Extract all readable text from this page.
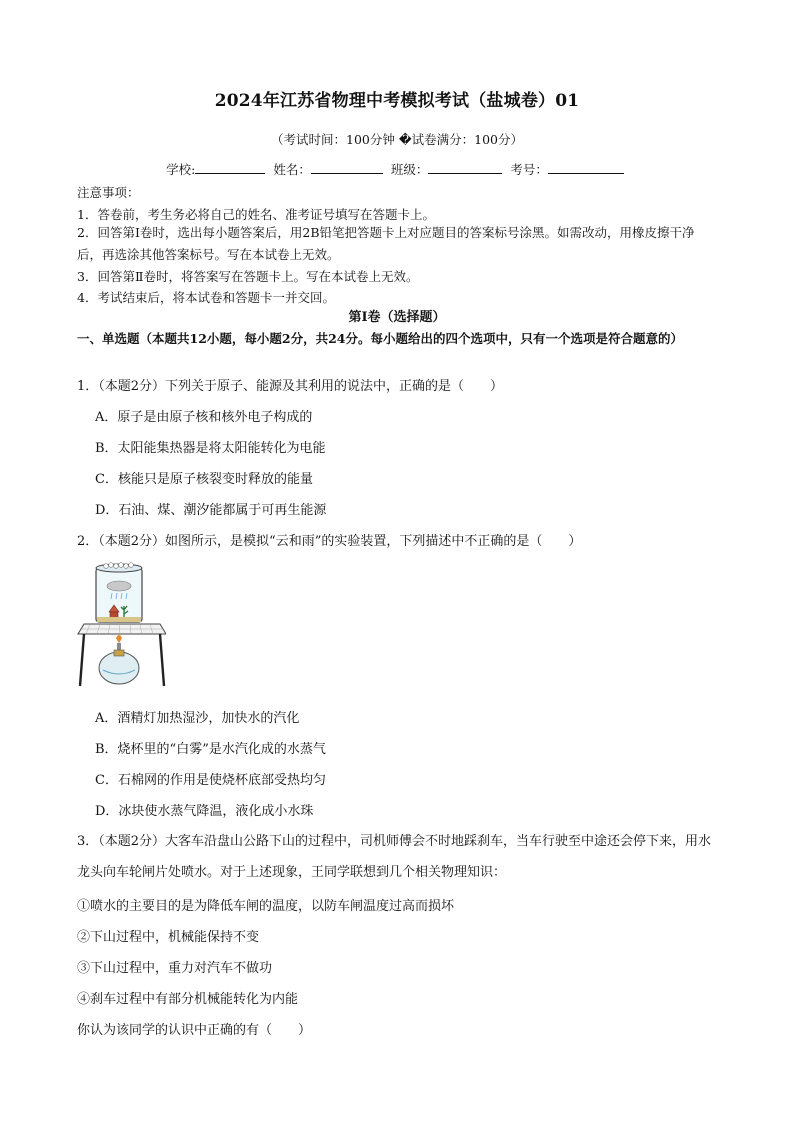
2024年江苏省物理中考模拟考试（盐城卷）01
（考试时间：100分钟 �试卷满分：100分）
学校:	姓名：	班级：	考号：
注意事项：
1．答卷前，考生务必将自己的姓名、准考证号填写在答题卡上。
2．回答第Ⅰ卷时，选出每小题答案后，用2B铅笔把答题卡上对应题目的答案标号涂黑。如需改动，用橡皮擦干净后，再选涂其他答案标号。写在本试卷上无效。
3．回答第Ⅱ卷时，将答案写在答题卡上。写在本试卷上无效。
4．考试结束后，将本试卷和答题卡一并交回。
第Ⅰ卷（选择题）
一、单选题（本题共12小题，每小题2分，共24分。每小题给出的四个选项中，只有一个选项是符合题意的）
1．（本题2分）下列关于原子、能源及其利用的说法中，正确的是（　　）
A．原子是由原子核和核外电子构成的
B．太阳能集热器是将太阳能转化为电能
C．核能只是原子核裂变时释放的能量
D．石油、煤、潮汐能都属于可再生能源
2．（本题2分）如图所示，是模拟“云和雨”的实验装置，下列描述中不正确的是（　　）
A．酒精灯加热湿沙，加快水的汽化
B．烧杯里的“白雾”是水汽化成的水蒸气
C．石棉网的作用是使烧杯底部受热均匀
D．冰块使水蒸气降温，液化成小水珠
3．（本题2分）大客车沿盘山公路下山的过程中，司机师傅会不时地踩刹车，当车行驶至中途还会停下来，用水龙头向车轮闸片处喷水。对于上述现象，王同学联想到几个相关物理知识：
①喷水的主要目的是为降低车闸的温度，以防车闸温度过高而损坏
②下山过程中，机械能保持不变
③下山过程中，重力对汽车不做功
④刹车过程中有部分机械能转化为内能
你认为该同学的认识中正确的有（　　）
